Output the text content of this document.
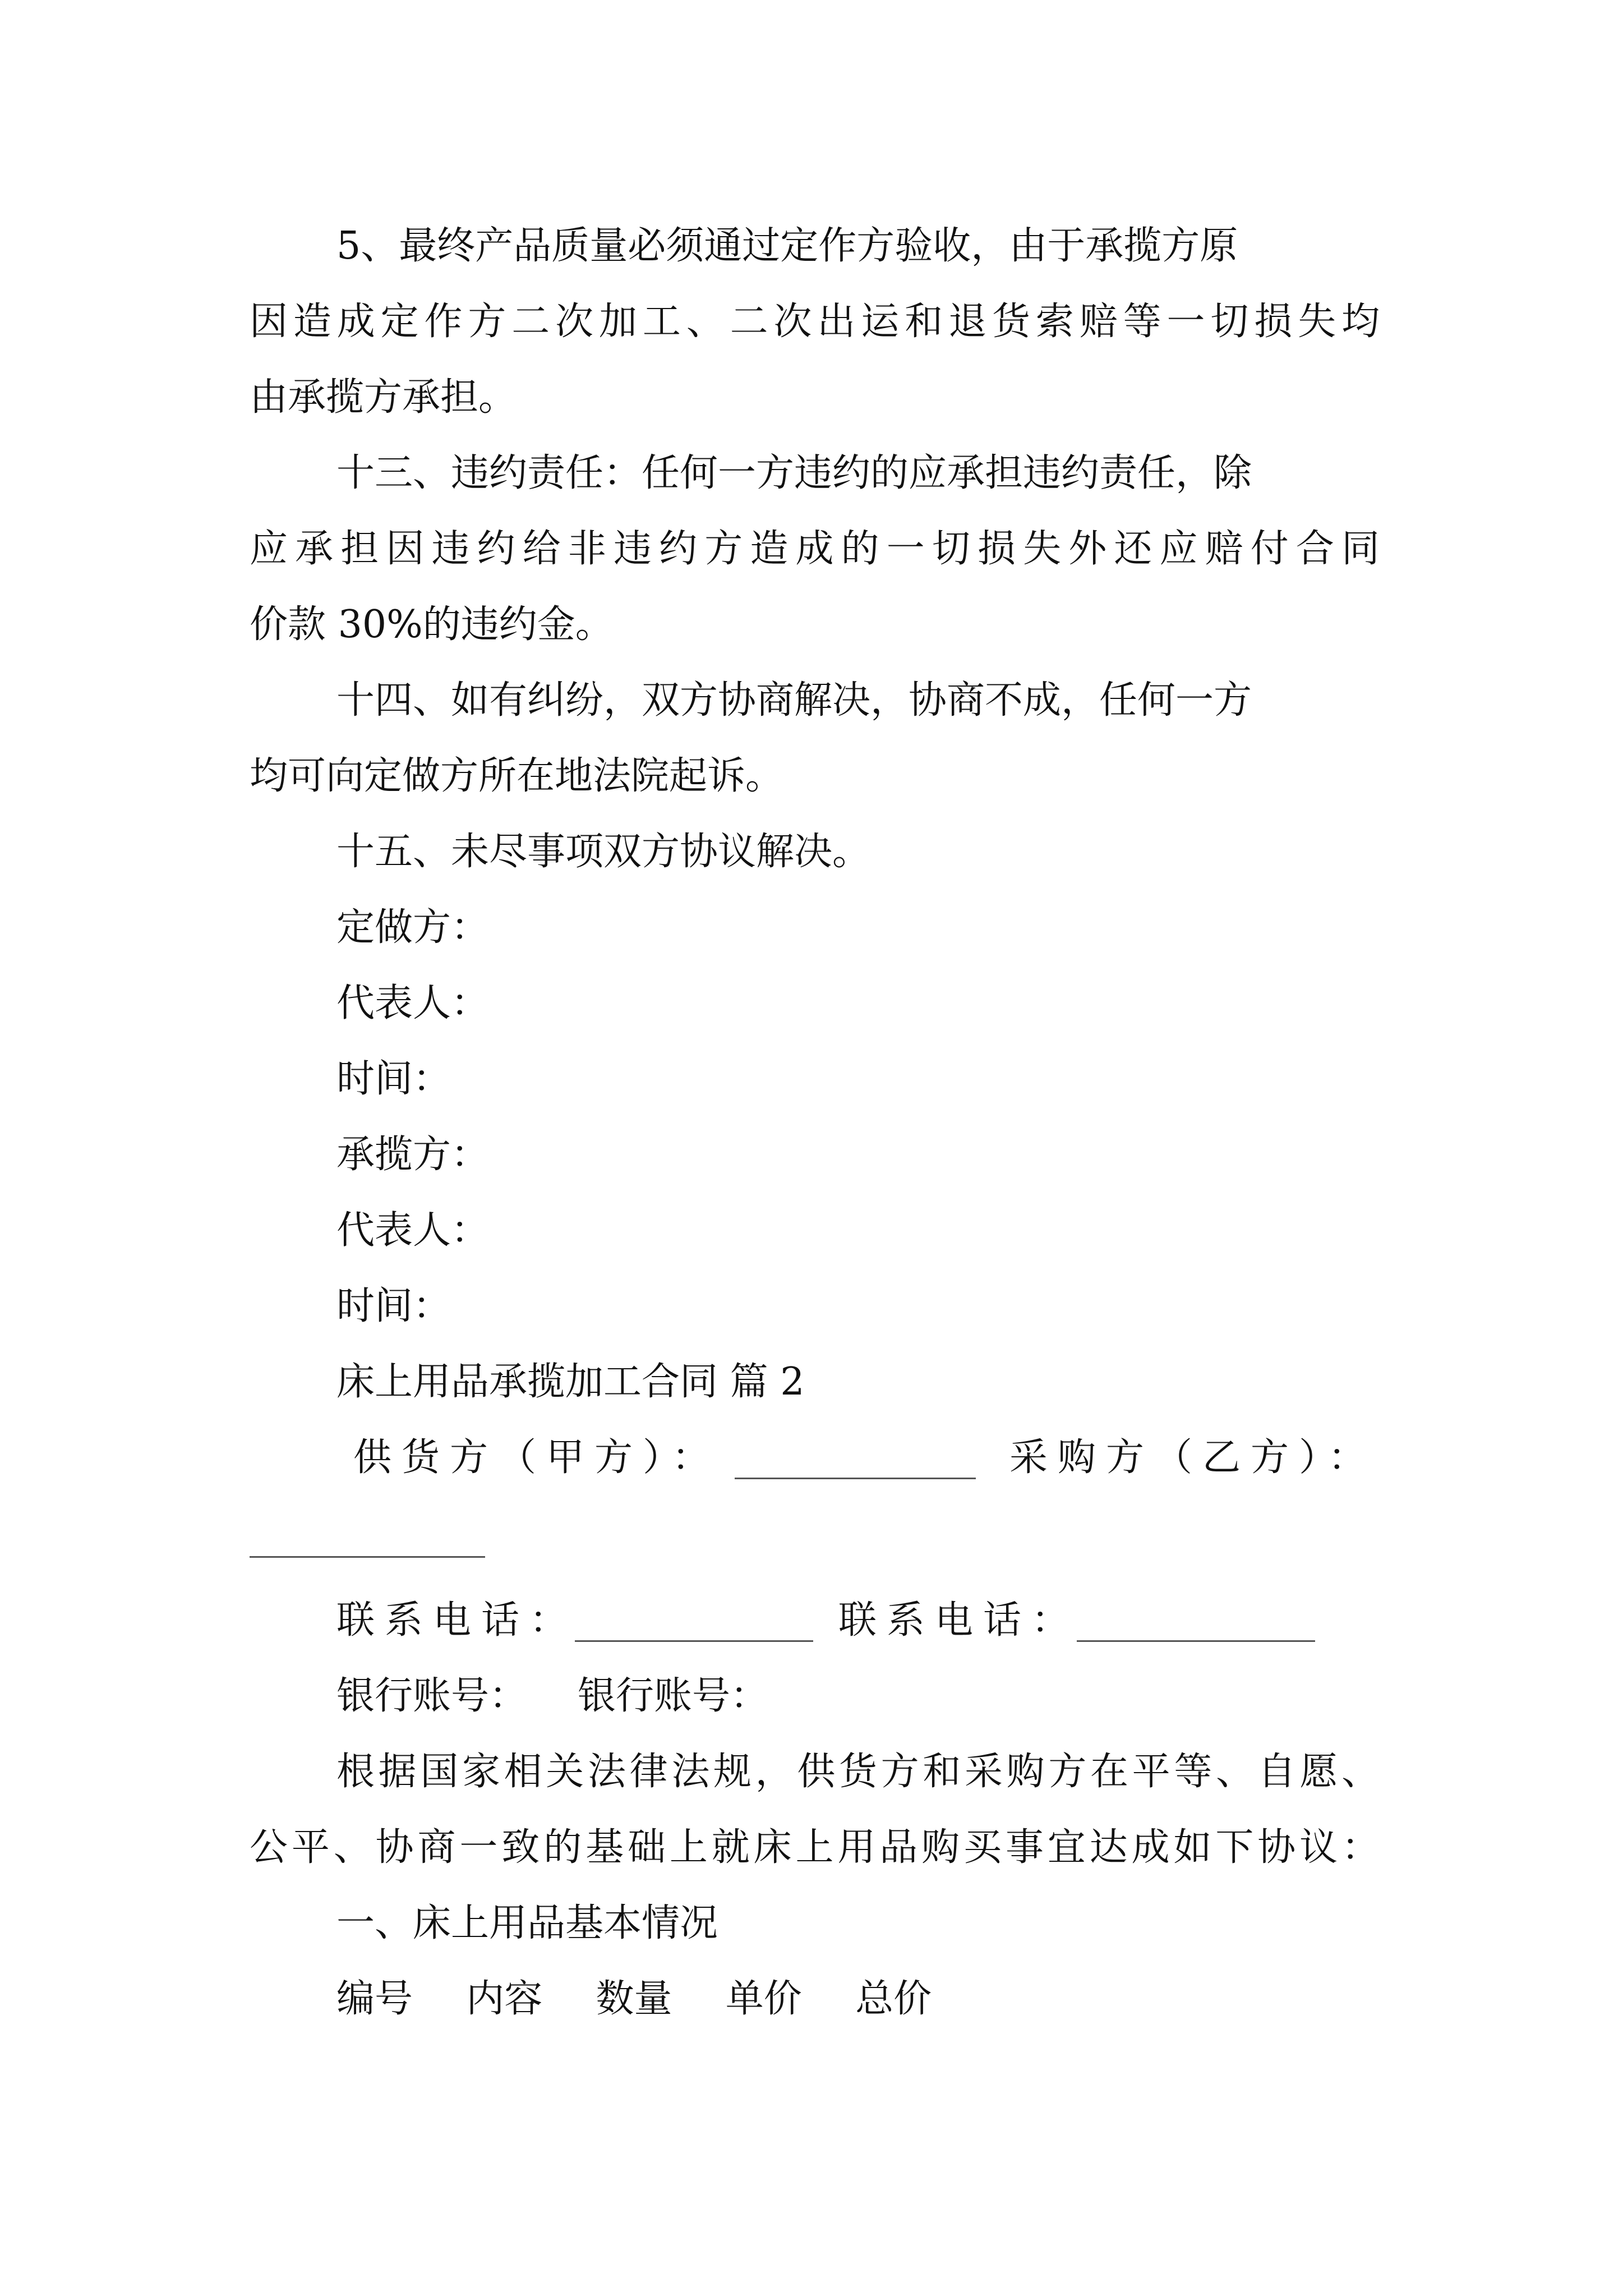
5、最终产品质量必须通过定作方验收，由于承揽方原
因造成定作方二次加工、二次出运和退货索赔等一切损失均
由承揽方承担。
十三、违约责任：任何一方违约的应承担违约责任，除
应承担因违约给非违约方造成的一切损失外还应赔付合同
价款 30%的违约金。
十四、如有纠纷，双方协商解决，协商不成，任何一方
均可向定做方所在地法院起诉。
十五、未尽事项双方协议解决。
定做方：
代表人：
时间：
承揽方：
代表人：
时间：
床上用品承揽加工合同 篇 2
供货方（甲方）：	采购方（乙方）：
联系电话：	联系电话：
银行账号： 银行账号：
根据国家相关法律法规，供货方和采购方在平等、自愿、
公平、协商一致的基础上就床上用品购买事宜达成如下协议：
一、床上用品基本情况
编号 内容 数量 单价 总价
